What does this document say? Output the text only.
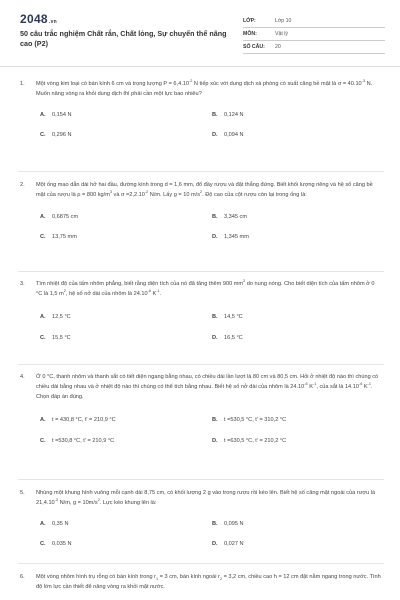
2048.vn
50 câu trắc nghiệm Chất rắn, Chất lỏng, Sự chuyển thể nâng cao (P2)
LỚP:	Lớp 10
MÔN:	Vật lý
SỐ CÂU:	20
1.	Một vòng kim loại có bán kính 6 cm và trọng lượng $P = 6,4.10^{-2}$ N tiếp xúc với dung dịch xà phòng có suất căng bề mặt là $\sigma = 40.10^{-3}$ N. Muốn nâng vòng ra khỏi dung dịch thì phải cần một lực bao nhiêu?
A. 0,154 N	B. 0,124 N
C. 0,296 N	D. 0,094 N
2.	Một ống mao dẫn dài hở hai đầu, đường kính trong d = 1,6 mm, đổ đầy rượu và đặt thẳng đứng. Biết khối lượng riêng và hệ số căng bề mặt của rượu là ρ = 800 $kg/m^3$ và $\sigma =2,2.10^{-2}$ N/m. Lấy g = 10 $m/s^2$. Độ cao của cột rượu còn lại trong ống là:
A. 0,6875 cm	B. 3,345 cm
C. 13,75 mm	D. 1,345 mm
3.	Tìm nhiệt độ của tấm nhôm phẳng, biết rằng diện tích của nó đã tăng thêm 900 $mm^2$ do nung nóng. Cho biết diện tích của tấm nhôm ở 0 °C là 1,5 $m^2$, hệ số nở dài của nhôm là $24.10^{-6}$ $K^{-1}$.
A. 12,5 °C	B. 14,5 °C
C. 15,5 °C	D. 16,5 °C
4.	Ở 0 °C, thanh nhôm và thanh sắt có tiết diện ngang bằng nhau, có chiều dài lần lượt là 80 cm và 80,5 cm. Hỏi ở nhiệt độ nào thì chúng có chiều dài bằng nhau và ở nhiệt độ nào thì chúng có thể tích bằng nhau. Biết hệ số nở dài của nhôm là $24.10^{-6}$ $K^{-1}$, của sắt là $14.10^{-6}$ $K^{-1}$. Chọn đáp án đúng.
A. t = 430,8 °C, t' = 210,9 °C	B. t =530,5 °C, t' = 310,2 °C
C. t =530,8 °C, t' = 210,9 °C	D. t =630,5 °C, t' = 210,2 °C
5.	Nhúng một khung hình vuông mỗi cạnh dài 8,75 cm, có khối lượng 2 g vào trong rượu rồi kéo lên. Biết hệ số căng mặt ngoài của rượu là $21,4.10^{-3}$ N/m, $g = 10m/s^2$. Lực kéo khung lên là:
A. 0,35 N	B. 0,095 N
C. 0,035 N	D. 0,027 N
6.	Một vòng nhôm hình trụ rỗng có bán kính trong $r_1 = 3$ cm, bán kính ngoài $r_2 = 3,2$ cm, chiều cao h = 12 cm đặt nằm ngang trong nước. Tính độ lớn lực cần thiết để nâng vòng ra khỏi mặt nước.
